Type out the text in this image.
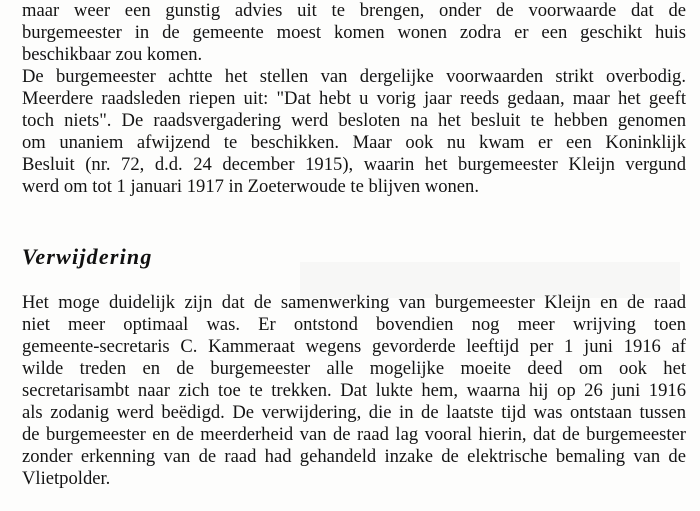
maar weer een gunstig advies uit te brengen, onder de voorwaarde dat de
burgemeester in de gemeente moest komen wonen zodra er een geschikt huis
beschikbaar zou komen.
De burgemeester achtte het stellen van dergelijke voorwaarden strikt overbodig.
Meerdere raadsleden riepen uit: "Dat hebt u vorig jaar reeds gedaan, maar het geeft
toch niets". De raadsvergadering werd besloten na het besluit te hebben genomen
om unaniem afwijzend te beschikken. Maar ook nu kwam er een Koninklijk
Besluit (nr. 72, d.d. 24 december 1915), waarin het burgemeester Kleijn vergund
werd om tot 1 januari 1917 in Zoeterwoude te blijven wonen.
Verwijdering
Het moge duidelijk zijn dat de samenwerking van burgemeester Kleijn en de raad
niet meer optimaal was. Er ontstond bovendien nog meer wrijving toen
gemeente-secretaris C. Kammeraat wegens gevorderde leeftijd per 1 juni 1916 af
wilde treden en de burgemeester alle mogelijke moeite deed om ook het
secretarisambt naar zich toe te trekken. Dat lukte hem, waarna hij op 26 juni 1916
als zodanig werd beëdigd. De verwijdering, die in de laatste tijd was ontstaan tussen
de burgemeester en de meerderheid van de raad lag vooral hierin, dat de burgemeester
zonder erkenning van de raad had gehandeld inzake de elektrische bemaling van de
Vlietpolder.
